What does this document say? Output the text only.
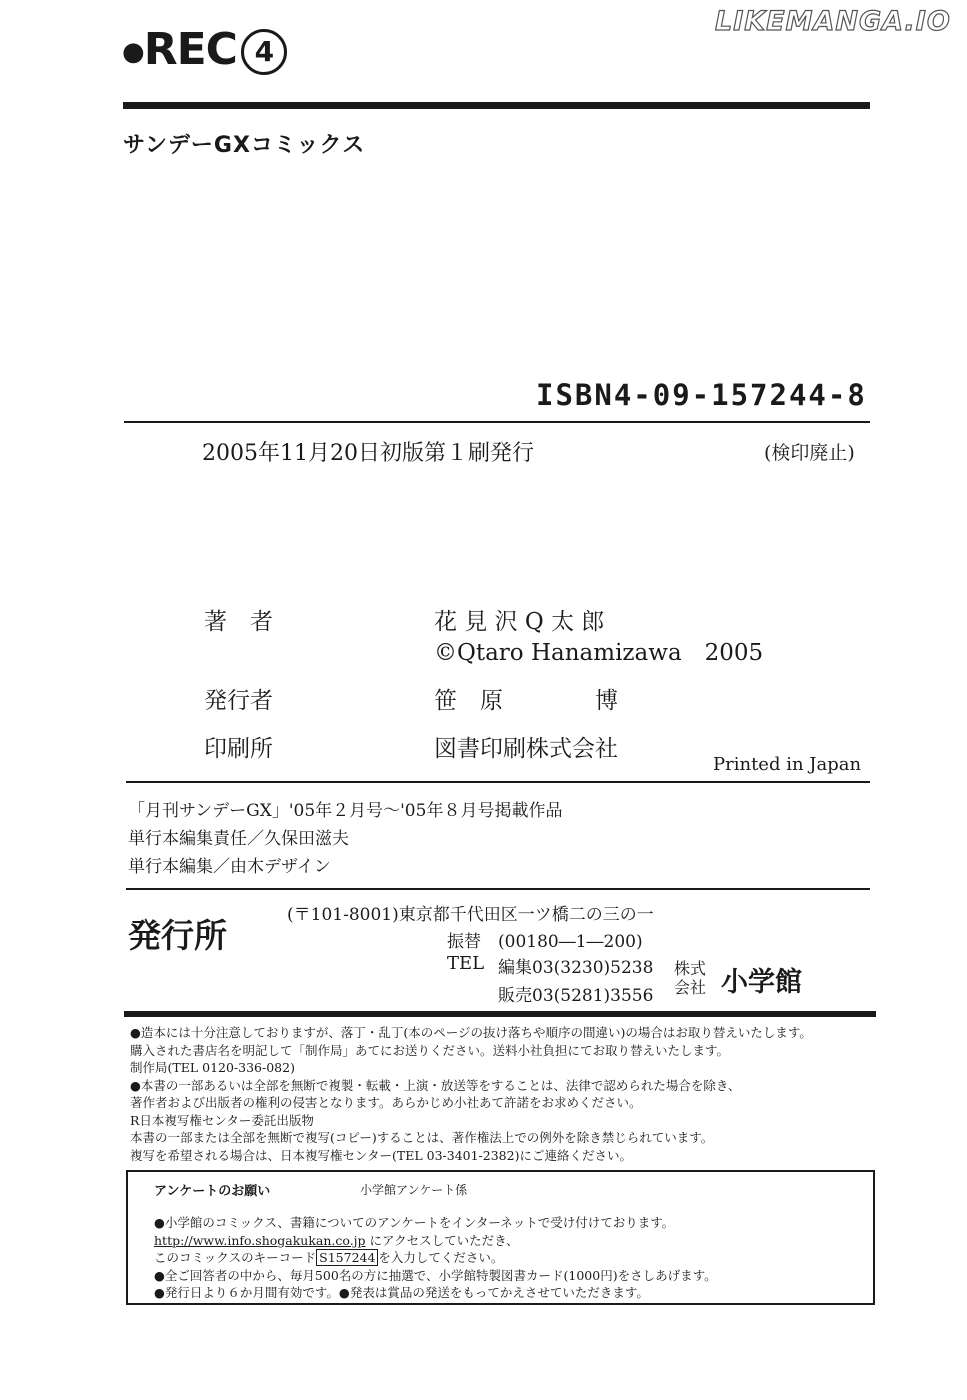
LIKEMANGA.IO
●REC 4
サンデーGXコミックス
ISBN4-09-157244-8
2005年11月20日初版第１刷発行	(検印廃止)
著　者	花 見 沢 Q 太 郎
©Qtaro Hanamizawa　2005
発行者	笹　原　　　　博
印刷所	図書印刷株式会社
Printed in Japan
「月刊サンデーGX」'05年２月号～'05年８月号掲載作品
単行本編集責任／久保田滋夫
単行本編集／由木デザイン
発行所
(〒101-8001)東京都千代田区一ツ橋二の三の一
振替　(00180―1―200)
TEL 編集03(3230)5238
販売03(5281)3556
株式
会社 小学館
●造本には十分注意しておりますが、落丁・乱丁(本のページの抜け落ちや順序の間違い)の場合はお取り替えいたします。
購入された書店名を明記して「制作局」あてにお送りください。送料小社負担にてお取り替えいたします。
制作局(TEL 0120-336-082)
●本書の一部あるいは全部を無断で複製・転載・上演・放送等をすることは、法律で認められた場合を除き、
著作者および出版者の権利の侵害となります。あらかじめ小社あて許諾をお求めください。
R日本複写権センター委託出版物
本書の一部または全部を無断で複写(コピー)することは、著作権法上での例外を除き禁じられています。
複写を希望される場合は、日本複写権センター(TEL 03-3401-2382)にご連絡ください。
アンケートのお願い	小学館アンケート係
●小学館のコミックス、書籍についてのアンケートをインターネットで受け付けております。
http://www.info.shogakukan.co.jp にアクセスしていただき、
このコミックスのキーコード S157244 を入力してください。
●全ご回答者の中から、毎月500名の方に抽選で、小学館特製図書カード(1000円)をさしあげます。
●発行日より６か月間有効です。●発表は賞品の発送をもってかえさせていただきます。
